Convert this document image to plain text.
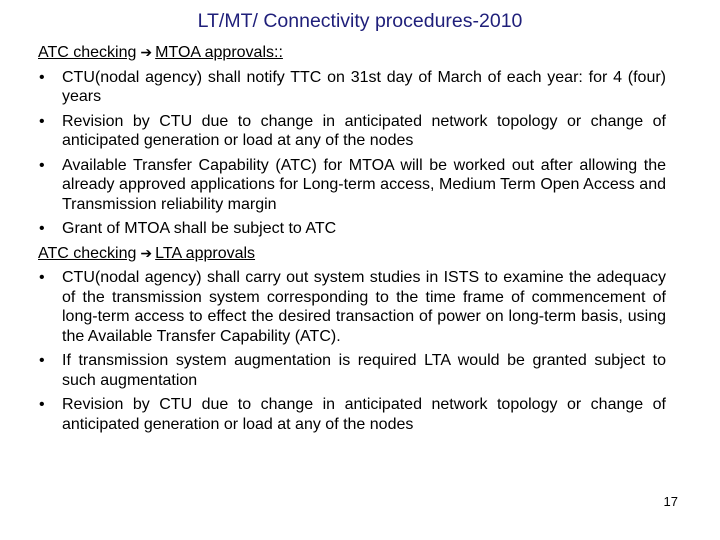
LT/MT/ Connectivity procedures-2010
ATC checking ➔ MTOA approvals::
• CTU(nodal agency) shall notify TTC on 31st day of March of each year: for 4 (four) years
• Revision by CTU due to change in anticipated network topology or change of anticipated generation or load at any of the nodes
• Available Transfer Capability (ATC) for MTOA will be worked out after allowing the already approved applications for Long-term access, Medium Term Open Access and Transmission reliability margin
• Grant of MTOA shall be subject to ATC
ATC checking ➔ LTA approvals
• CTU(nodal agency) shall carry out system studies in ISTS to examine the adequacy of the transmission system corresponding to the time frame of commencement of long-term access to effect the desired transaction of power on long-term basis, using the Available Transfer Capability (ATC).
• If transmission system augmentation is required LTA would be granted subject to such augmentation
• Revision by CTU due to change in anticipated network topology or change of anticipated generation or load at any of the nodes
17
